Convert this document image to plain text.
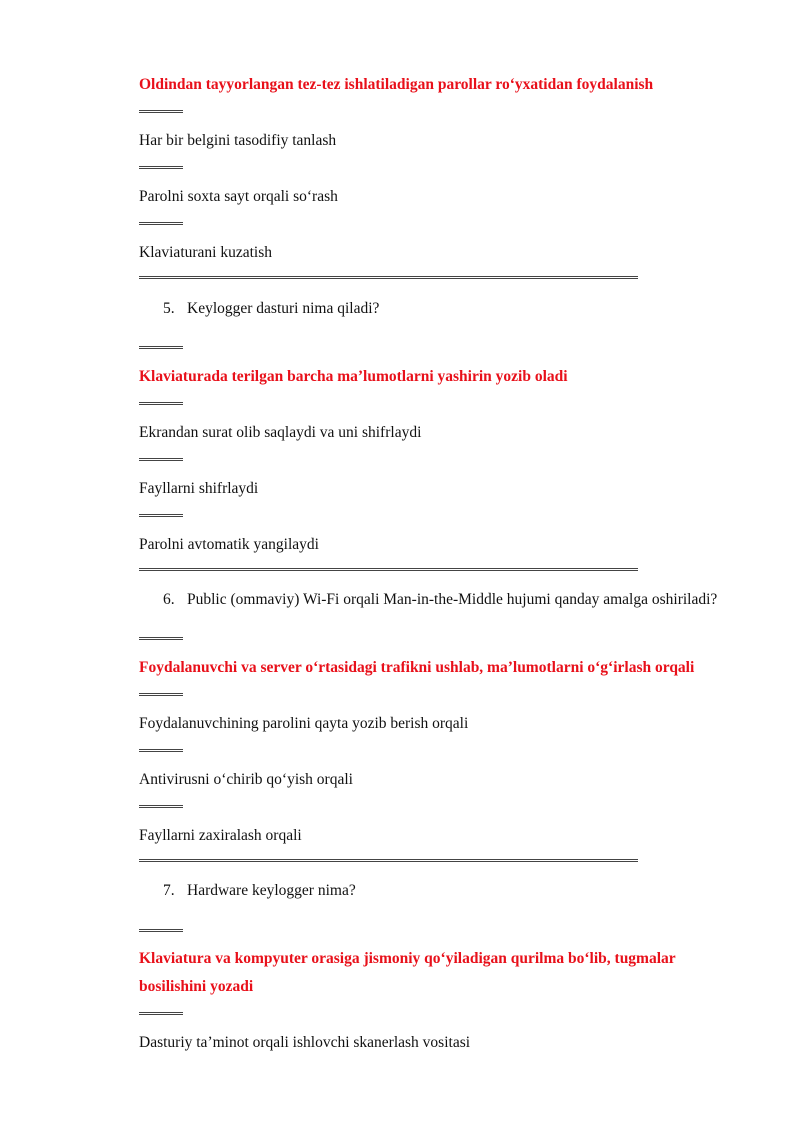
Oldindan tayyorlangan tez-tez ishlatiladigan parollar ro‘yxatidan foydalanish

Har bir belgini tasodifiy tanlash

Parolni soxta sayt orqali so‘rash

Klaviaturani kuzatish

5. Keylogger dasturi nima qiladi?

Klaviaturada terilgan barcha ma’lumotlarni yashirin yozib oladi

Ekrandan surat olib saqlaydi va uni shifrlaydi

Fayllarni shifrlaydi

Parolni avtomatik yangilaydi

6. Public (ommaviy) Wi-Fi orqali Man-in-the-Middle hujumi qanday amalga oshiriladi?

Foydalanuvchi va server o‘rtasidagi trafikni ushlab, ma’lumotlarni o‘g‘irlash orqali

Foydalanuvchining parolini qayta yozib berish orqali

Antivirusni o‘chirib qo‘yish orqali

Fayllarni zaxiralash orqali

7. Hardware keylogger nima?

Klaviatura va kompyuter orasiga jismoniy qo‘yiladigan qurilma bo‘lib, tugmalar bosilishini yozadi

Dasturiy ta’minot orqali ishlovchi skanerlash vositasi
